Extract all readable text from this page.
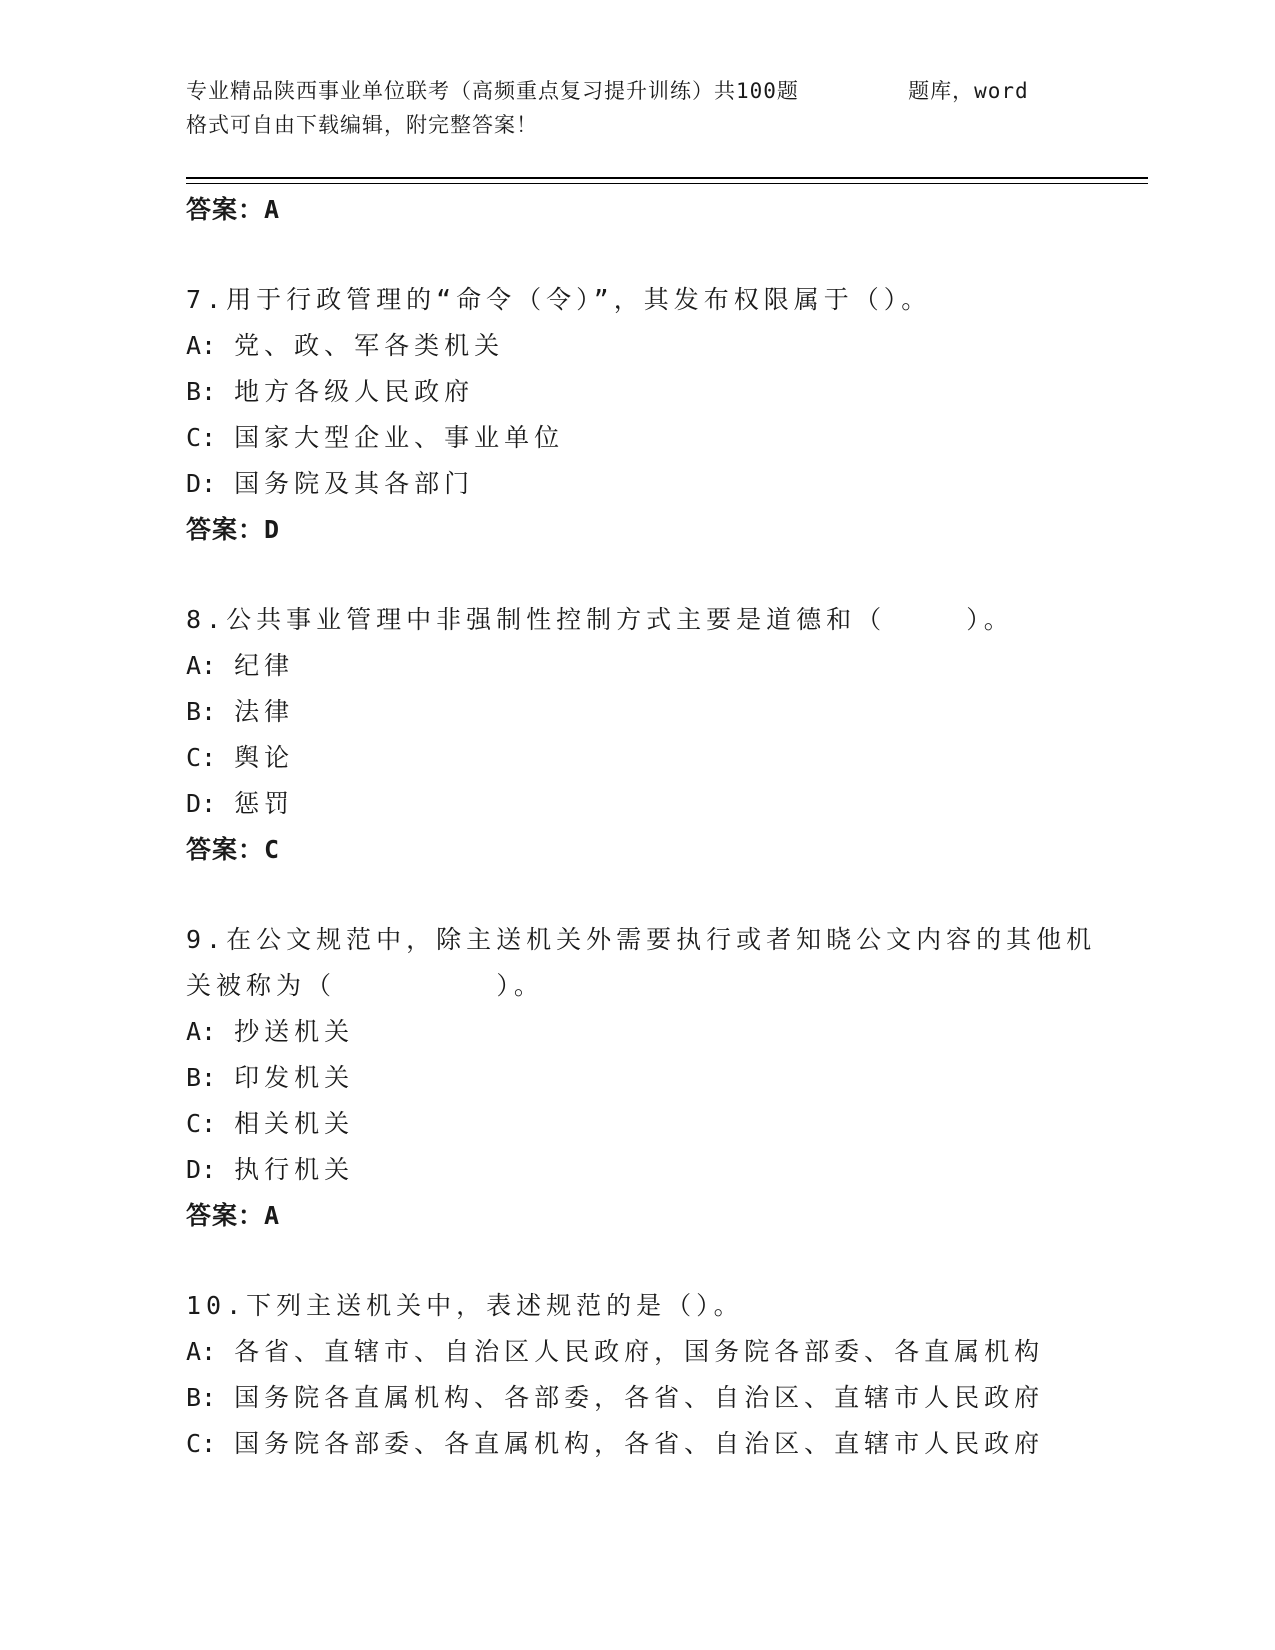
专业精品陕西事业单位联考（高频重点复习提升训练）共100题        题库，word
格式可自由下载编辑，附完整答案！
答案：A
7.用于行政管理的“命令（令）”，其发布权限属于（）。
A: 党、政、军各类机关
B: 地方各级人民政府
C: 国家大型企业、事业单位
D: 国务院及其各部门
答案：D
8.公共事业管理中非强制性控制方式主要是道德和（    ）。
A: 纪律
B: 法律
C: 舆论
D: 惩罚
答案：C
9.在公文规范中，除主送机关外需要执行或者知晓公文内容的其他机
关被称为（        ）。
A: 抄送机关
B: 印发机关
C: 相关机关
D: 执行机关
答案：A
10.下列主送机关中，表述规范的是（）。
A: 各省、直辖市、自治区人民政府，国务院各部委、各直属机构
B: 国务院各直属机构、各部委，各省、自治区、直辖市人民政府
C: 国务院各部委、各直属机构，各省、自治区、直辖市人民政府
